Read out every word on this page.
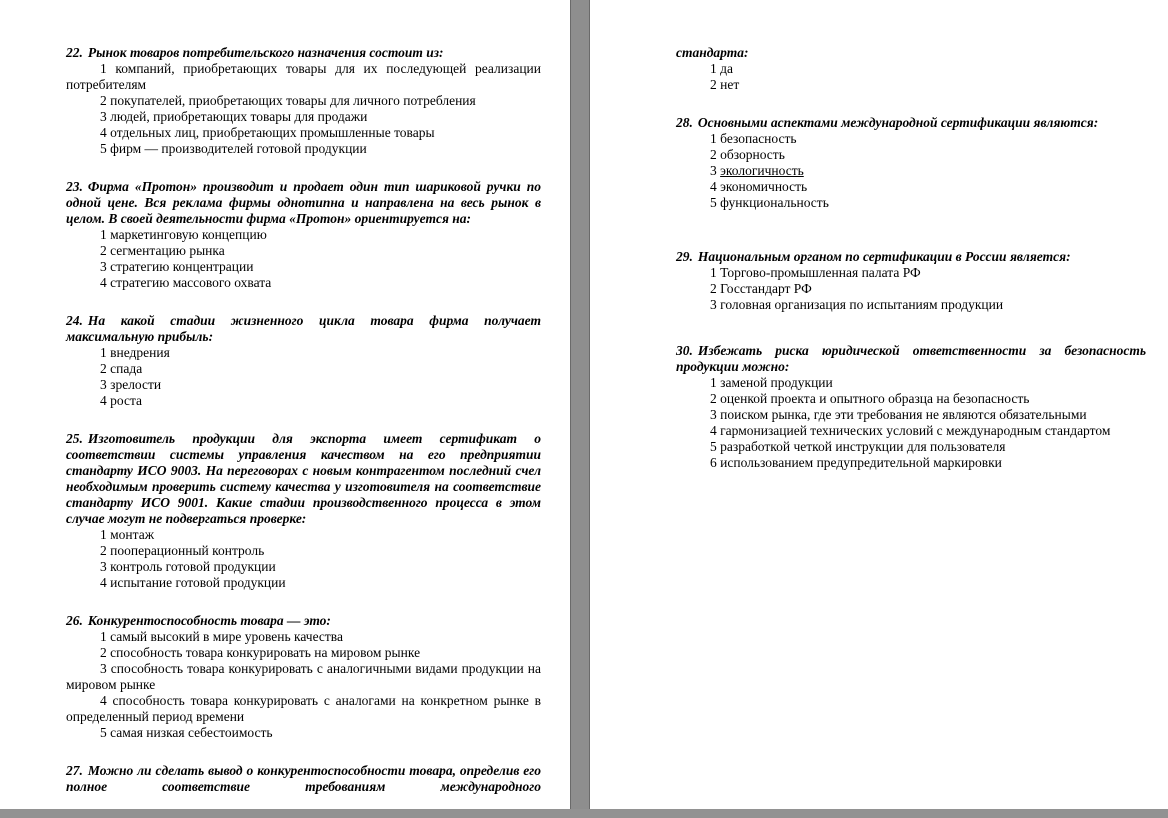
22. Рынок товаров потребительского назначения состоит из:

1 компаний, приобретающих товары для их последующей реализации потребителям

2 покупателей, приобретающих товары для личного потребления

3 людей, приобретающих товары для продажи

4 отдельных лиц, приобретающих промышленные товары

5 фирм — производителей готовой продукции

23. Фирма «Протон» производит и продает один тип шариковой ручки по одной цене. Вся реклама фирмы однотипна и направлена на весь рынок в целом. В своей деятельности фирма «Протон» ориентируется на:

1 маркетинговую концепцию

2 сегментацию рынка

3 стратегию концентрации

4 стратегию массового охвата

24. На какой стадии жизненного цикла товара фирма получает максимальную прибыль:

1 внедрения

2 спада

3 зрелости

4 роста

25. Изготовитель продукции для экспорта имеет сертификат о соответствии системы управления качеством на его предприятии стандарту ИСО 9003. На переговорах с новым контрагентом последний счел необходимым проверить систему качества у изготовителя на соответствие стандарту ИСО 9001. Какие стадии производственного процесса в этом случае могут не подвергаться проверке:

1 монтаж

2 пооперационный контроль

3 контроль готовой продукции

4 испытание готовой продукции

26. Конкурентоспособность товара — это:

1 самый высокий в мире уровень качества

2 способность товара конкурировать на мировом рынке

3 способность товара конкурировать с аналогичными видами продукции на мировом рынке

4 способность товара конкурировать с аналогами на конкретном рынке в определенный период времени

5 самая низкая себестоимость

27. Можно ли сделать вывод о конкурентоспособности товара, определив его полное соответствие требованиям международного

стандарта:

1 да

2 нет

28. Основными аспектами международной сертификации являются:

1 безопасность

2 обзорность

3 экологичность

4 экономичность

5 функциональность

29. Национальным органом по сертификации в России является:

1 Торгово-промышленная палата РФ

2 Госстандарт РФ

3 головная организация по испытаниям продукции

30. Избежать риска юридической ответственности за безопасность продукции можно:

1 заменой продукции

2 оценкой проекта и опытного образца на безопасность

3 поиском рынка, где эти требования не являются обязательными

4 гармонизацией технических условий с международным стандартом

5 разработкой четкой инструкции для пользователя

6 использованием предупредительной маркировки
